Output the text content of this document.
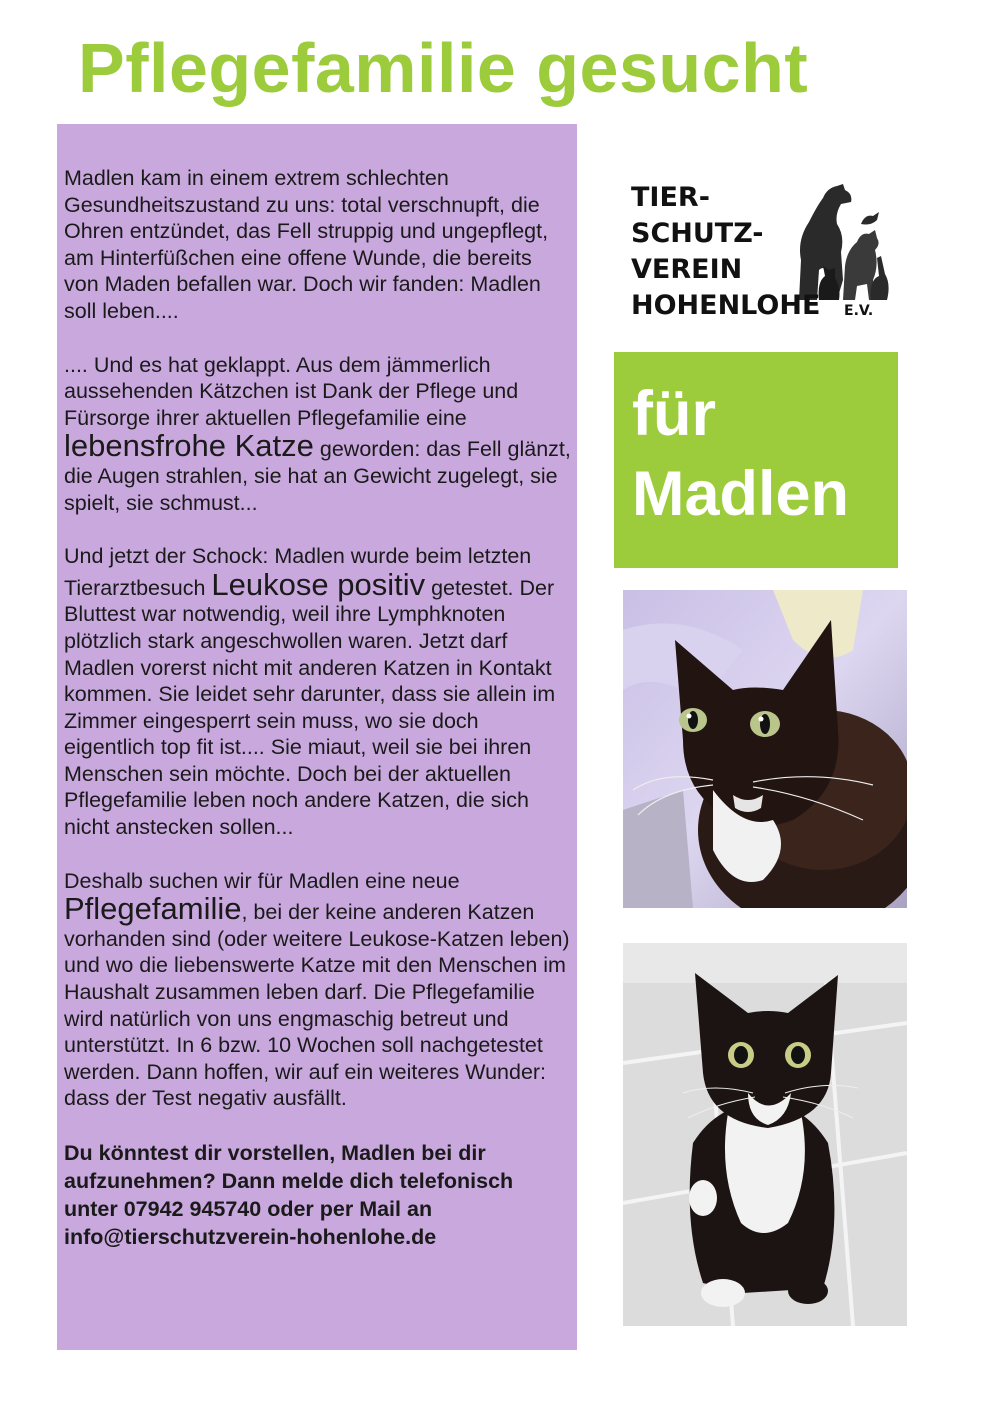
Pflegefamilie gesucht

Madlen kam in einem extrem schlechten Gesundheitszustand zu uns: total verschnupft, die Ohren entzündet, das Fell struppig und ungepflegt, am Hinterfüßchen eine offene Wunde, die bereits von Maden befallen war. Doch wir fanden: Madlen soll leben....

.... Und es hat geklappt. Aus dem jämmerlich aussehenden Kätzchen ist Dank der Pflege und Fürsorge ihrer aktuellen Pflegefamilie eine lebensfrohe Katze geworden: das Fell glänzt, die Augen strahlen, sie hat an Gewicht zugelegt, sie spielt, sie schmust...

Und jetzt der Schock: Madlen wurde beim letzten Tierarztbesuch Leukose positiv getestet. Der Bluttest war notwendig, weil ihre Lymphknoten plötzlich stark angeschwollen waren. Jetzt darf Madlen vorerst nicht mit anderen Katzen in Kontakt kommen. Sie leidet sehr darunter, dass sie allein im Zimmer eingesperrt sein muss, wo sie doch eigentlich top fit ist.... Sie miaut, weil sie bei ihren Menschen sein möchte. Doch bei der aktuellen Pflegefamilie leben noch andere Katzen, die sich nicht anstecken sollen...

Deshalb suchen wir für Madlen eine neue Pflegefamilie, bei der keine anderen Katzen vorhanden sind (oder weitere Leukose-Katzen leben) und wo die liebenswerte Katze mit den Menschen im Haushalt zusammen leben darf. Die Pflegefamilie wird natürlich von uns engmaschig betreut und unterstützt. In 6 bzw. 10 Wochen soll nachgetestet werden. Dann hoffen, wir auf ein weiteres Wunder: dass der Test negativ ausfällt.

Du könntest dir vorstellen, Madlen bei dir aufzunehmen? Dann melde dich telefonisch unter 07942 945740 oder per Mail an info@tierschutzverein-hohenlohe.de

TIER-
SCHUTZ-
VEREIN
HOHENLOHE E.V.
für
Madlen
